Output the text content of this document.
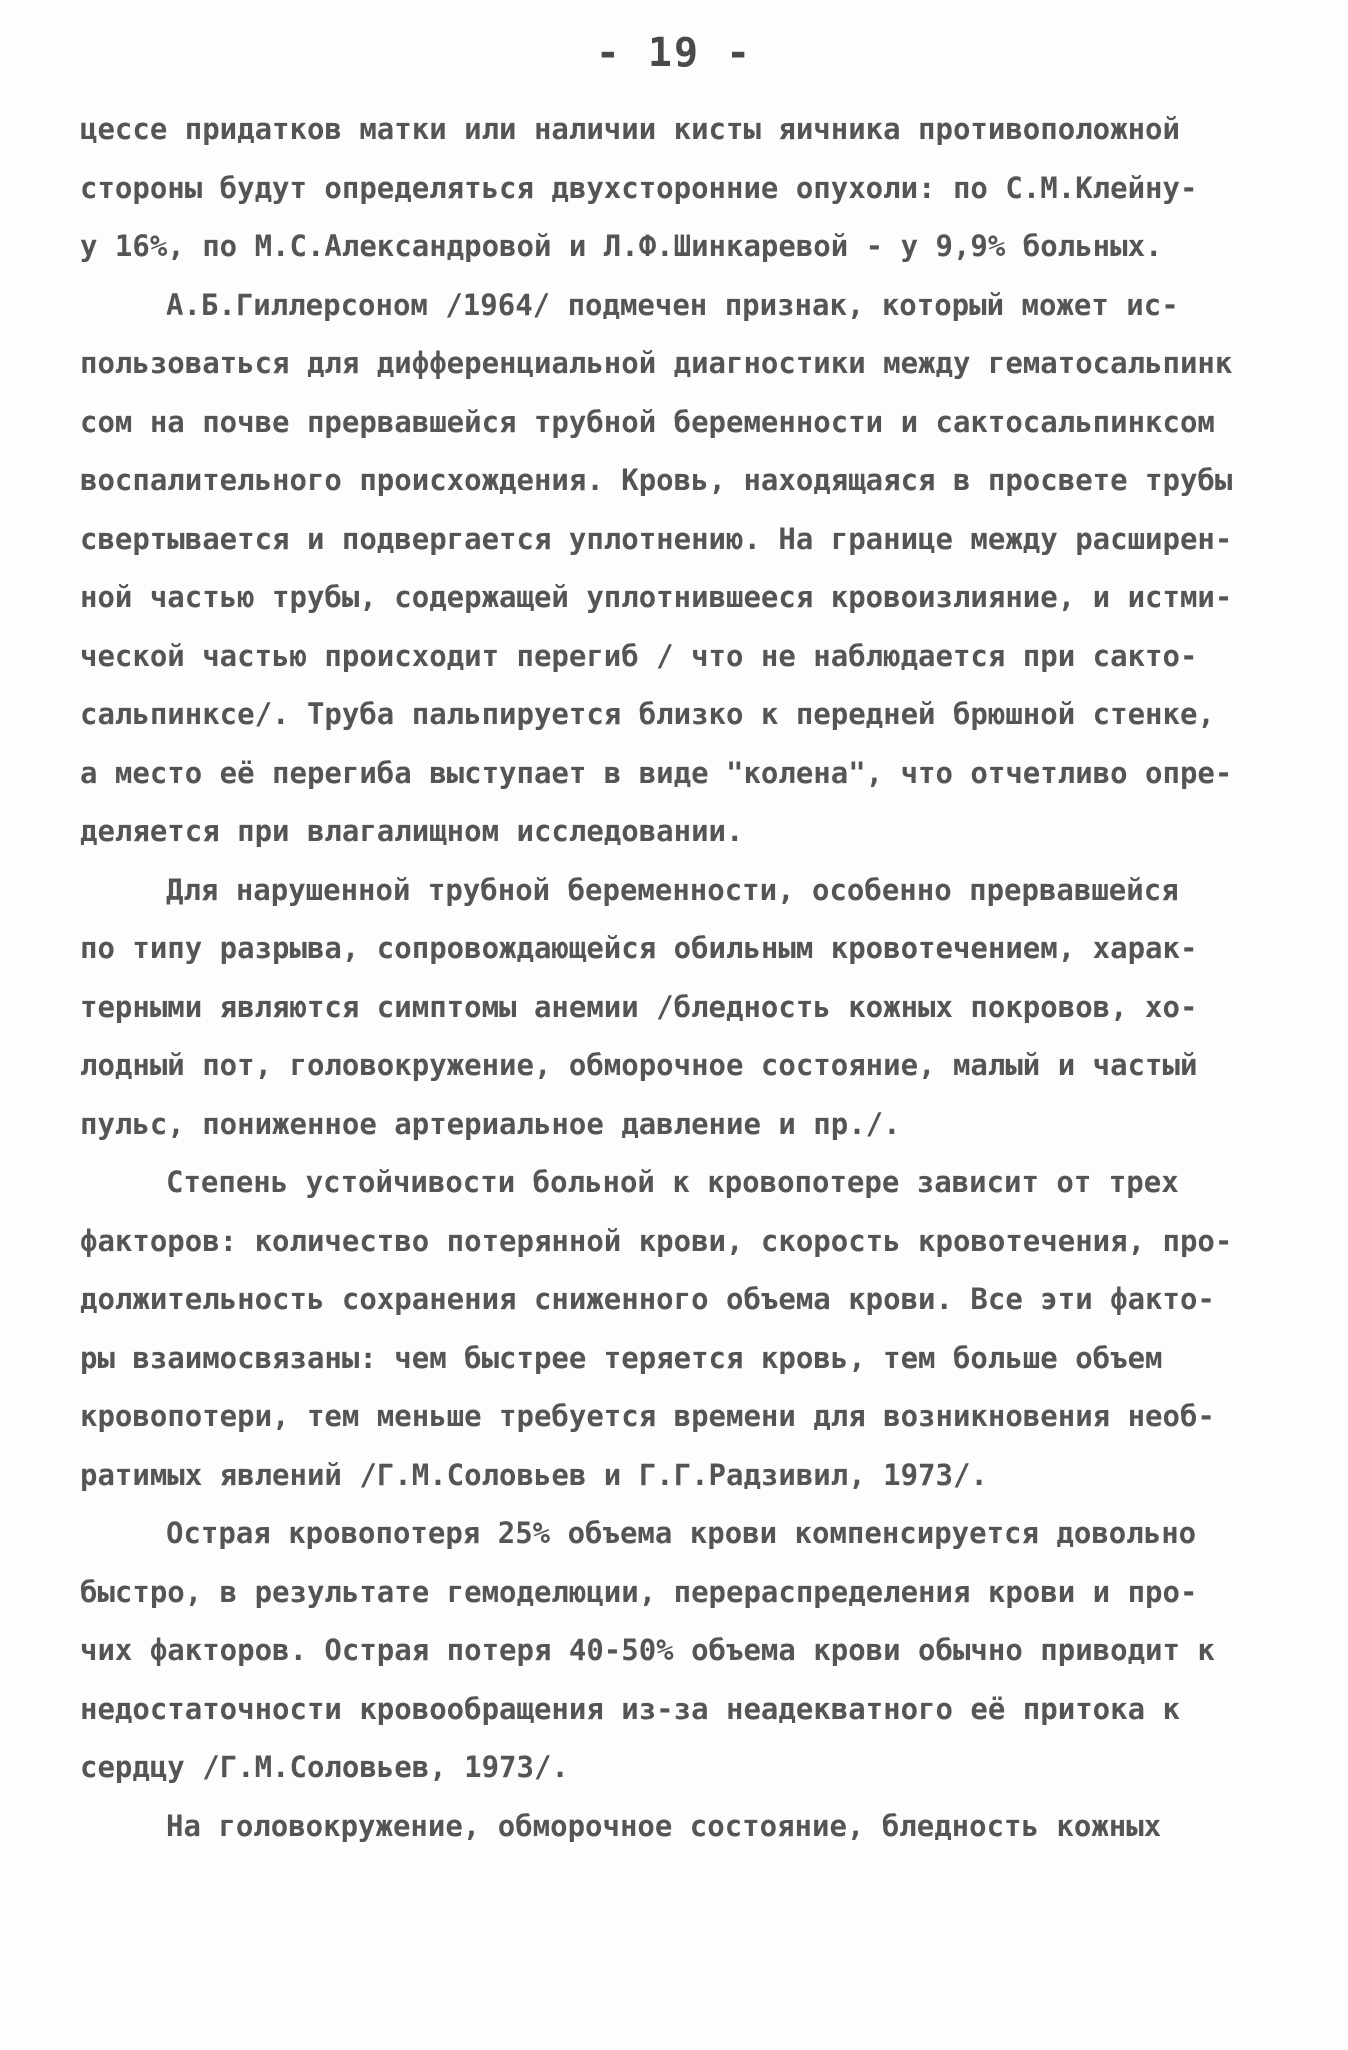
- 19 -
цессе придатков матки или наличии кисты яичника противоположной
стороны будут определяться двухсторонние опухоли: по С.М.Клейну-
у 16%, по М.С.Александровой и Л.Ф.Шинкаревой - у 9,9% больных.
А.Б.Гиллерсоном /1964/ подмечен признак, который может ис-
пользоваться для дифференциальной диагностики между гематосальпинк
сом на почве прервавшейся трубной беременности и сактосальпинксом
воспалительного происхождения. Кровь, находящаяся в просвете трубы
свертывается и подвергается уплотнению. На границе между расширен-
ной частью трубы, содержащей уплотнившееся кровоизлияние, и истми-
ческой частью происходит перегиб / что не наблюдается при сакто-
сальпинксе/. Труба пальпируется близко к передней брюшной стенке,
а место её перегиба выступает в виде "колена", что отчетливо опре-
деляется при влагалищном исследовании.
Для нарушенной трубной беременности, особенно прервавшейся
по типу разрыва, сопровождающейся обильным кровотечением, харак-
терными являются симптомы анемии /бледность кожных покровов, хо-
лодный пот, головокружение, обморочное состояние, малый и частый
пульс, пониженное артериальное давление и пр./.
Степень устойчивости больной к кровопотере зависит от трех
факторов: количество потерянной крови, скорость кровотечения, про-
должительность сохранения сниженного объема крови. Все эти факто-
ры взаимосвязаны: чем быстрее теряется кровь, тем больше объем
кровопотери, тем меньше требуется времени для возникновения необ-
ратимых явлений /Г.М.Соловьев и Г.Г.Радзивил, 1973/.
Острая кровопотеря 25% объема крови компенсируется довольно
быстро, в результате гемоделюции, перераспределения крови и про-
чих факторов. Острая потеря 40-50% объема крови обычно приводит к
недостаточности кровообращения из-за неадекватного её притока к
сердцу /Г.М.Соловьев, 1973/.
На головокружение, обморочное состояние, бледность кожных
